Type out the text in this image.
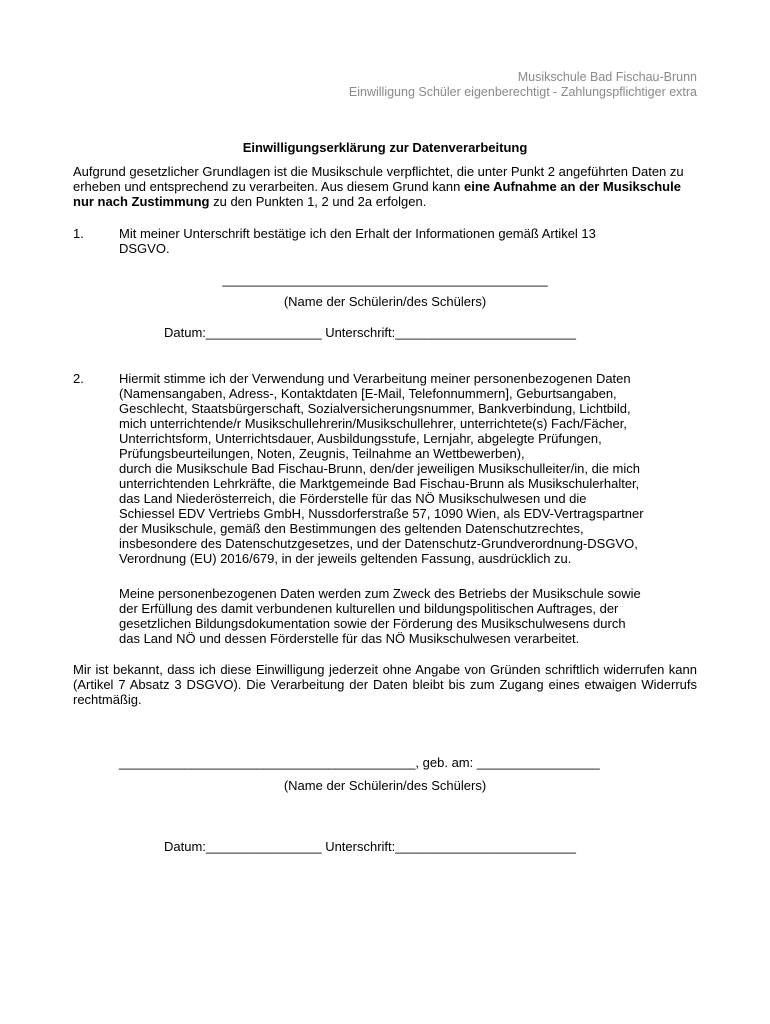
Musikschule Bad Fischau-Brunn
Einwilligung Schüler eigenberechtigt - Zahlungspflichtiger extra
Einwilligungserklärung zur Datenverarbeitung
Aufgrund gesetzlicher Grundlagen ist die Musikschule verpflichtet, die unter Punkt 2 angeführten Daten zu erheben und entsprechend zu verarbeiten. Aus diesem Grund kann eine Aufnahme an der Musikschule nur nach Zustimmung zu den Punkten 1, 2 und 2a erfolgen.
1.	Mit meiner Unterschrift bestätige ich den Erhalt der Informationen gemäß Artikel 13
DSGVO.
_____________________________________________
(Name der Schülerin/des Schülers)
Datum:________________ Unterschrift:_________________________
2.	Hiermit stimme ich der Verwendung und Verarbeitung meiner personenbezogenen Daten
(Namensangaben, Adress-, Kontaktdaten [E-Mail, Telefonnummern], Geburtsangaben,
Geschlecht, Staatsbürgerschaft, Sozialversicherungsnummer, Bankverbindung, Lichtbild,
mich unterrichtende/r Musikschullehrerin/Musikschullehrer, unterrichtete(s) Fach/Fächer,
Unterrichtsform, Unterrichtsdauer, Ausbildungsstufe, Lernjahr, abgelegte Prüfungen,
Prüfungsbeurteilungen, Noten, Zeugnis, Teilnahme an Wettbewerben),
durch die Musikschule Bad Fischau-Brunn, den/der jeweiligen Musikschulleiter/in, die mich
unterrichtenden Lehrkräfte, die Marktgemeinde Bad Fischau-Brunn als Musikschulerhalter,
das Land Niederösterreich, die Förderstelle für das NÖ Musikschulwesen und die
Schiessel EDV Vertriebs GmbH, Nussdorferstraße 57, 1090 Wien, als EDV-Vertragspartner
der Musikschule, gemäß den Bestimmungen des geltenden Datenschutzrechtes,
insbesondere des Datenschutzgesetzes, und der Datenschutz-Grundverordnung-DSGVO,
Verordnung (EU) 2016/679, in der jeweils geltenden Fassung, ausdrücklich zu.
Meine personenbezogenen Daten werden zum Zweck des Betriebs der Musikschule sowie
der Erfüllung des damit verbundenen kulturellen und bildungspolitischen Auftrages, der
gesetzlichen Bildungsdokumentation sowie der Förderung des Musikschulwesens durch
das Land NÖ und dessen Förderstelle für das NÖ Musikschulwesen verarbeitet.
Mir ist bekannt, dass ich diese Einwilligung jederzeit ohne Angabe von Gründen schriftlich widerrufen kann (Artikel 7 Absatz 3 DSGVO). Die Verarbeitung der Daten bleibt bis zum Zugang eines etwaigen Widerrufs rechtmäßig.
_________________________________________, geb. am: _________________
(Name der Schülerin/des Schülers)
Datum:________________ Unterschrift:_________________________
